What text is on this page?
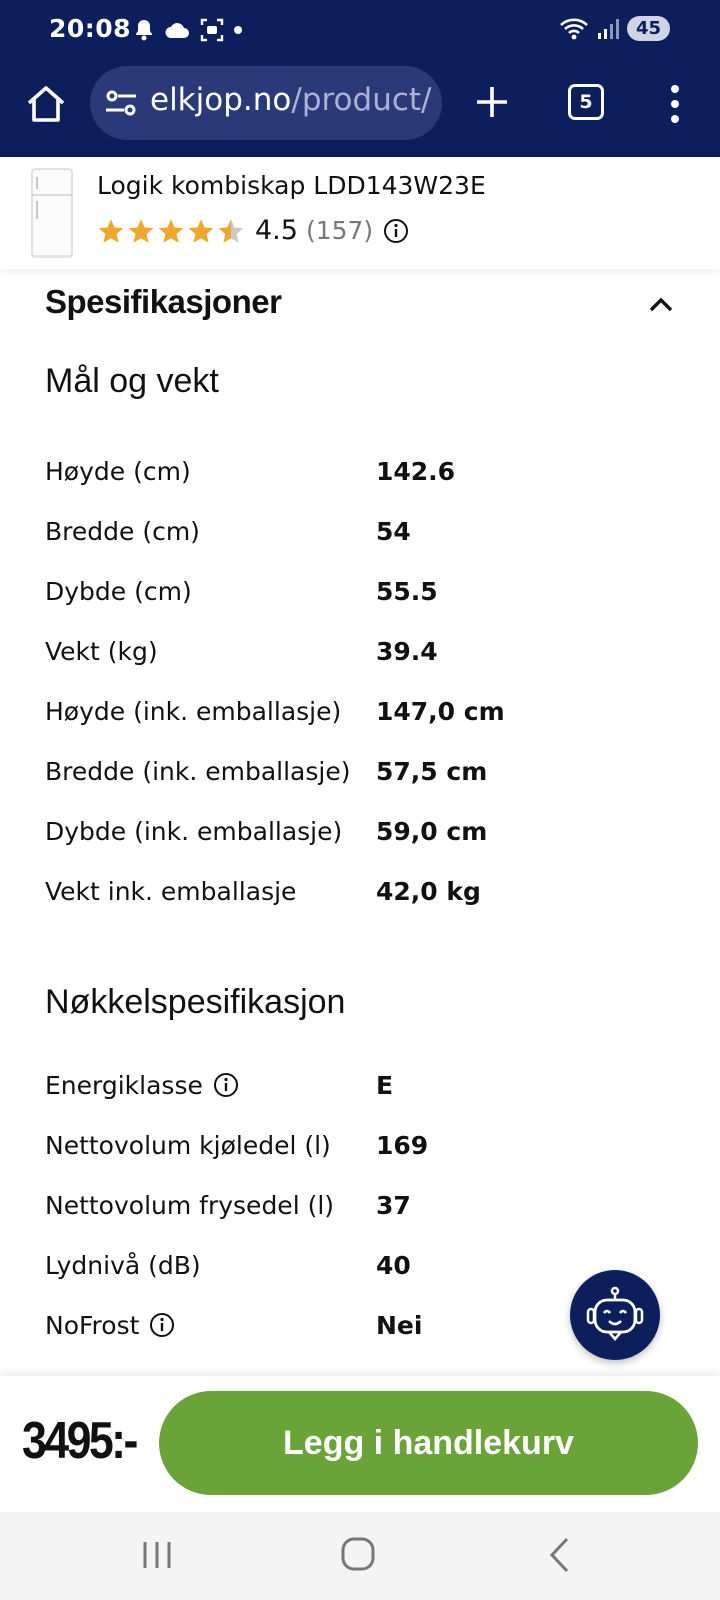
20:08	45
elkjop.no/product/	5
Logik kombiskap LDD143W23E
4.5 (157)
Spesifikasjoner
Mål og vekt
Høyde (cm)	142.6
Bredde (cm)	54
Dybde (cm)	55.5
Vekt (kg)	39.4
Høyde (ink. emballasje)	147,0 cm
Bredde (ink. emballasje)	57,5 cm
Dybde (ink. emballasje)	59,0 cm
Vekt ink. emballasje	42,0 kg
Nøkkelspesifikasjon
Energiklasse	E
Nettovolum kjøledel (l)	169
Nettovolum frysedel (l)	37
Lydnivå (dB)	40
NoFrost	Nei
3495:-	Legg i handlekurv
